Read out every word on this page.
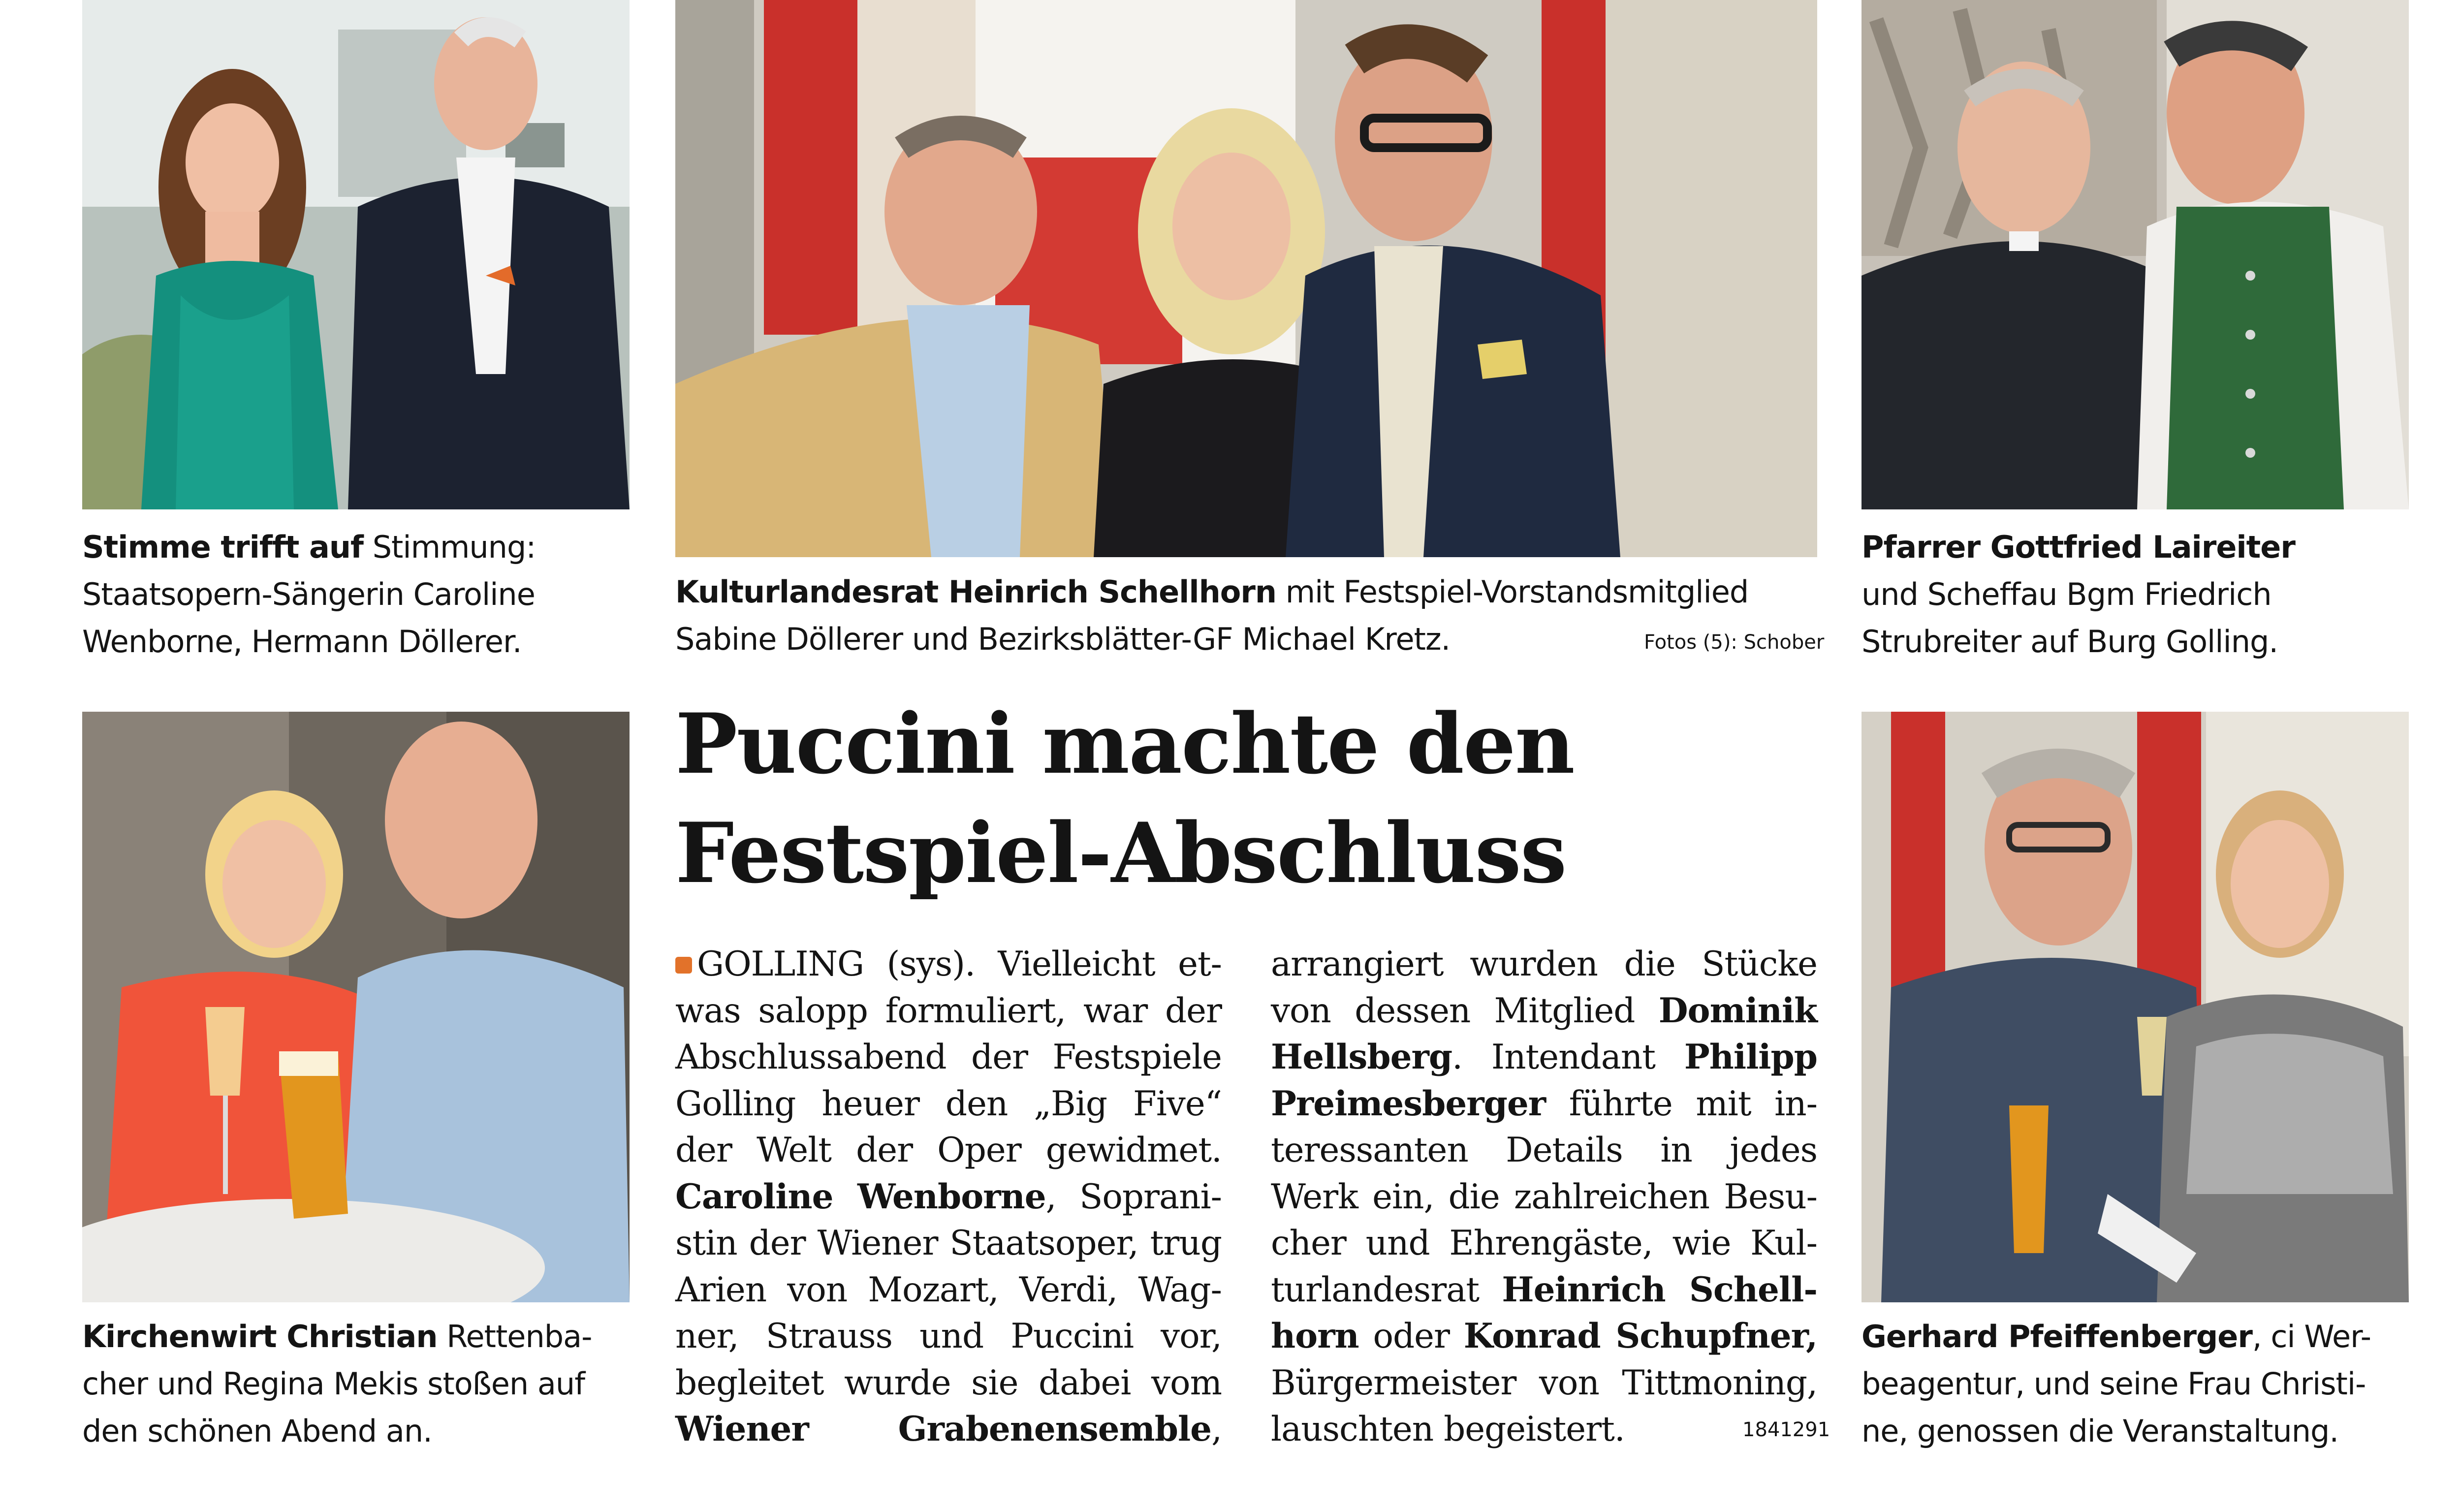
Stimme trifft auf Stimmung:
Staatsopern-Sängerin Caroline
Wenborne, Hermann Döllerer.

Kulturlandesrat Heinrich Schellhorn mit Festspiel-Vorstandsmitglied
Sabine Döllerer und Bezirksblätter-GF Michael Kretz.	Fotos (5): Schober

Pfarrer Gottfried Laireiter
und Scheffau Bgm Friedrich
Strubreiter auf Burg Golling.

Kirchenwirt Christian Rettenba-
cher und Regina Mekis stoßen auf
den schönen Abend an.

Gerhard Pfeiffenberger, ci Wer-
beagentur, und seine Frau Christi-
ne, genossen die Veranstaltung.

Puccini machte den
Festspiel-Abschluss
GOLLING (sys). Vielleicht et-
was salopp formuliert, war der
Abschlussabend der Festspiele
Golling heuer den „Big Five“
der Welt der Oper gewidmet.
Caroline Wenborne, Soprani-
stin der Wiener Staatsoper, trug
Arien von Mozart, Verdi, Wag-
ner, Strauss und Puccini vor,
begleitet wurde sie dabei vom
Wiener Grabenensemble,
arrangiert wurden die Stücke
von dessen Mitglied Dominik
Hellsberg. Intendant Philipp
Preimesberger führte mit in-
teressanten Details in jedes
Werk ein, die zahlreichen Besu-
cher und Ehrengäste, wie Kul-
turlandesrat Heinrich Schell-
horn oder Konrad Schupfner,
Bürgermeister von Tittmoning,
lauschten begeistert.	1841291
